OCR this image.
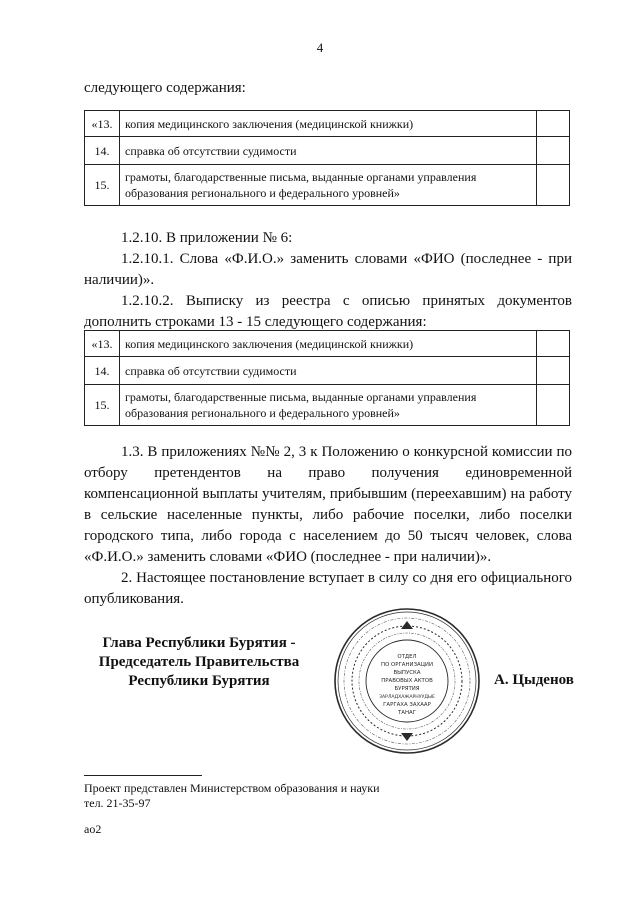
4
следующего содержания:
«13.	копия медицинского заключения (медицинской книжки)	
14.	справка об отсутствии судимости	
15.	грамоты, благодарственные письма, выданные органами управления
образования регионального и федерального уровней»	

1.2.10. В приложении № 6:

1.2.10.1. Слова «Ф.И.О.» заменить словами «ФИО (последнее - при наличии)».

1.2.10.2. Выписку из реестра с описью принятых документов дополнить строками 13 - 15 следующего содержания:

«13.	копия медицинского заключения (медицинской книжки)	
14.	справка об отсутствии судимости	
15.	грамоты, благодарственные письма, выданные органами управления
образования регионального и федерального уровней»	

1.3. В приложениях №№ 2, 3 к Положению о конкурсной комиссии по отбору претендентов на право получения единовременной компенсационной выплаты учителям, прибывшим (переехавшим) на работу в сельские населенные пункты, либо рабочие поселки, либо поселки городского типа, либо города с населением до 50 тысяч человек, слова «Ф.И.О.» заменить словами «ФИО (последнее - при наличии)».

2. Настоящее постановление вступает в силу со дня его официального опубликования.

Глава Республики Бурятия -
Председатель Правительства
Республики Бурятия
ОТДЕЛ
ПО ОРГАНИЗАЦИИ
ВЫПУСКА
ПРАВОВЫХ АКТОВ
БУРЯТИЯ
ЗАРЛАДХАЖАРНУУДЫЕ
ГАРГАХА ЗАХААР
ТАНАГ
А. Цыденов
Проект представлен Министерством образования и науки
тел. 21-35-97
ао2
